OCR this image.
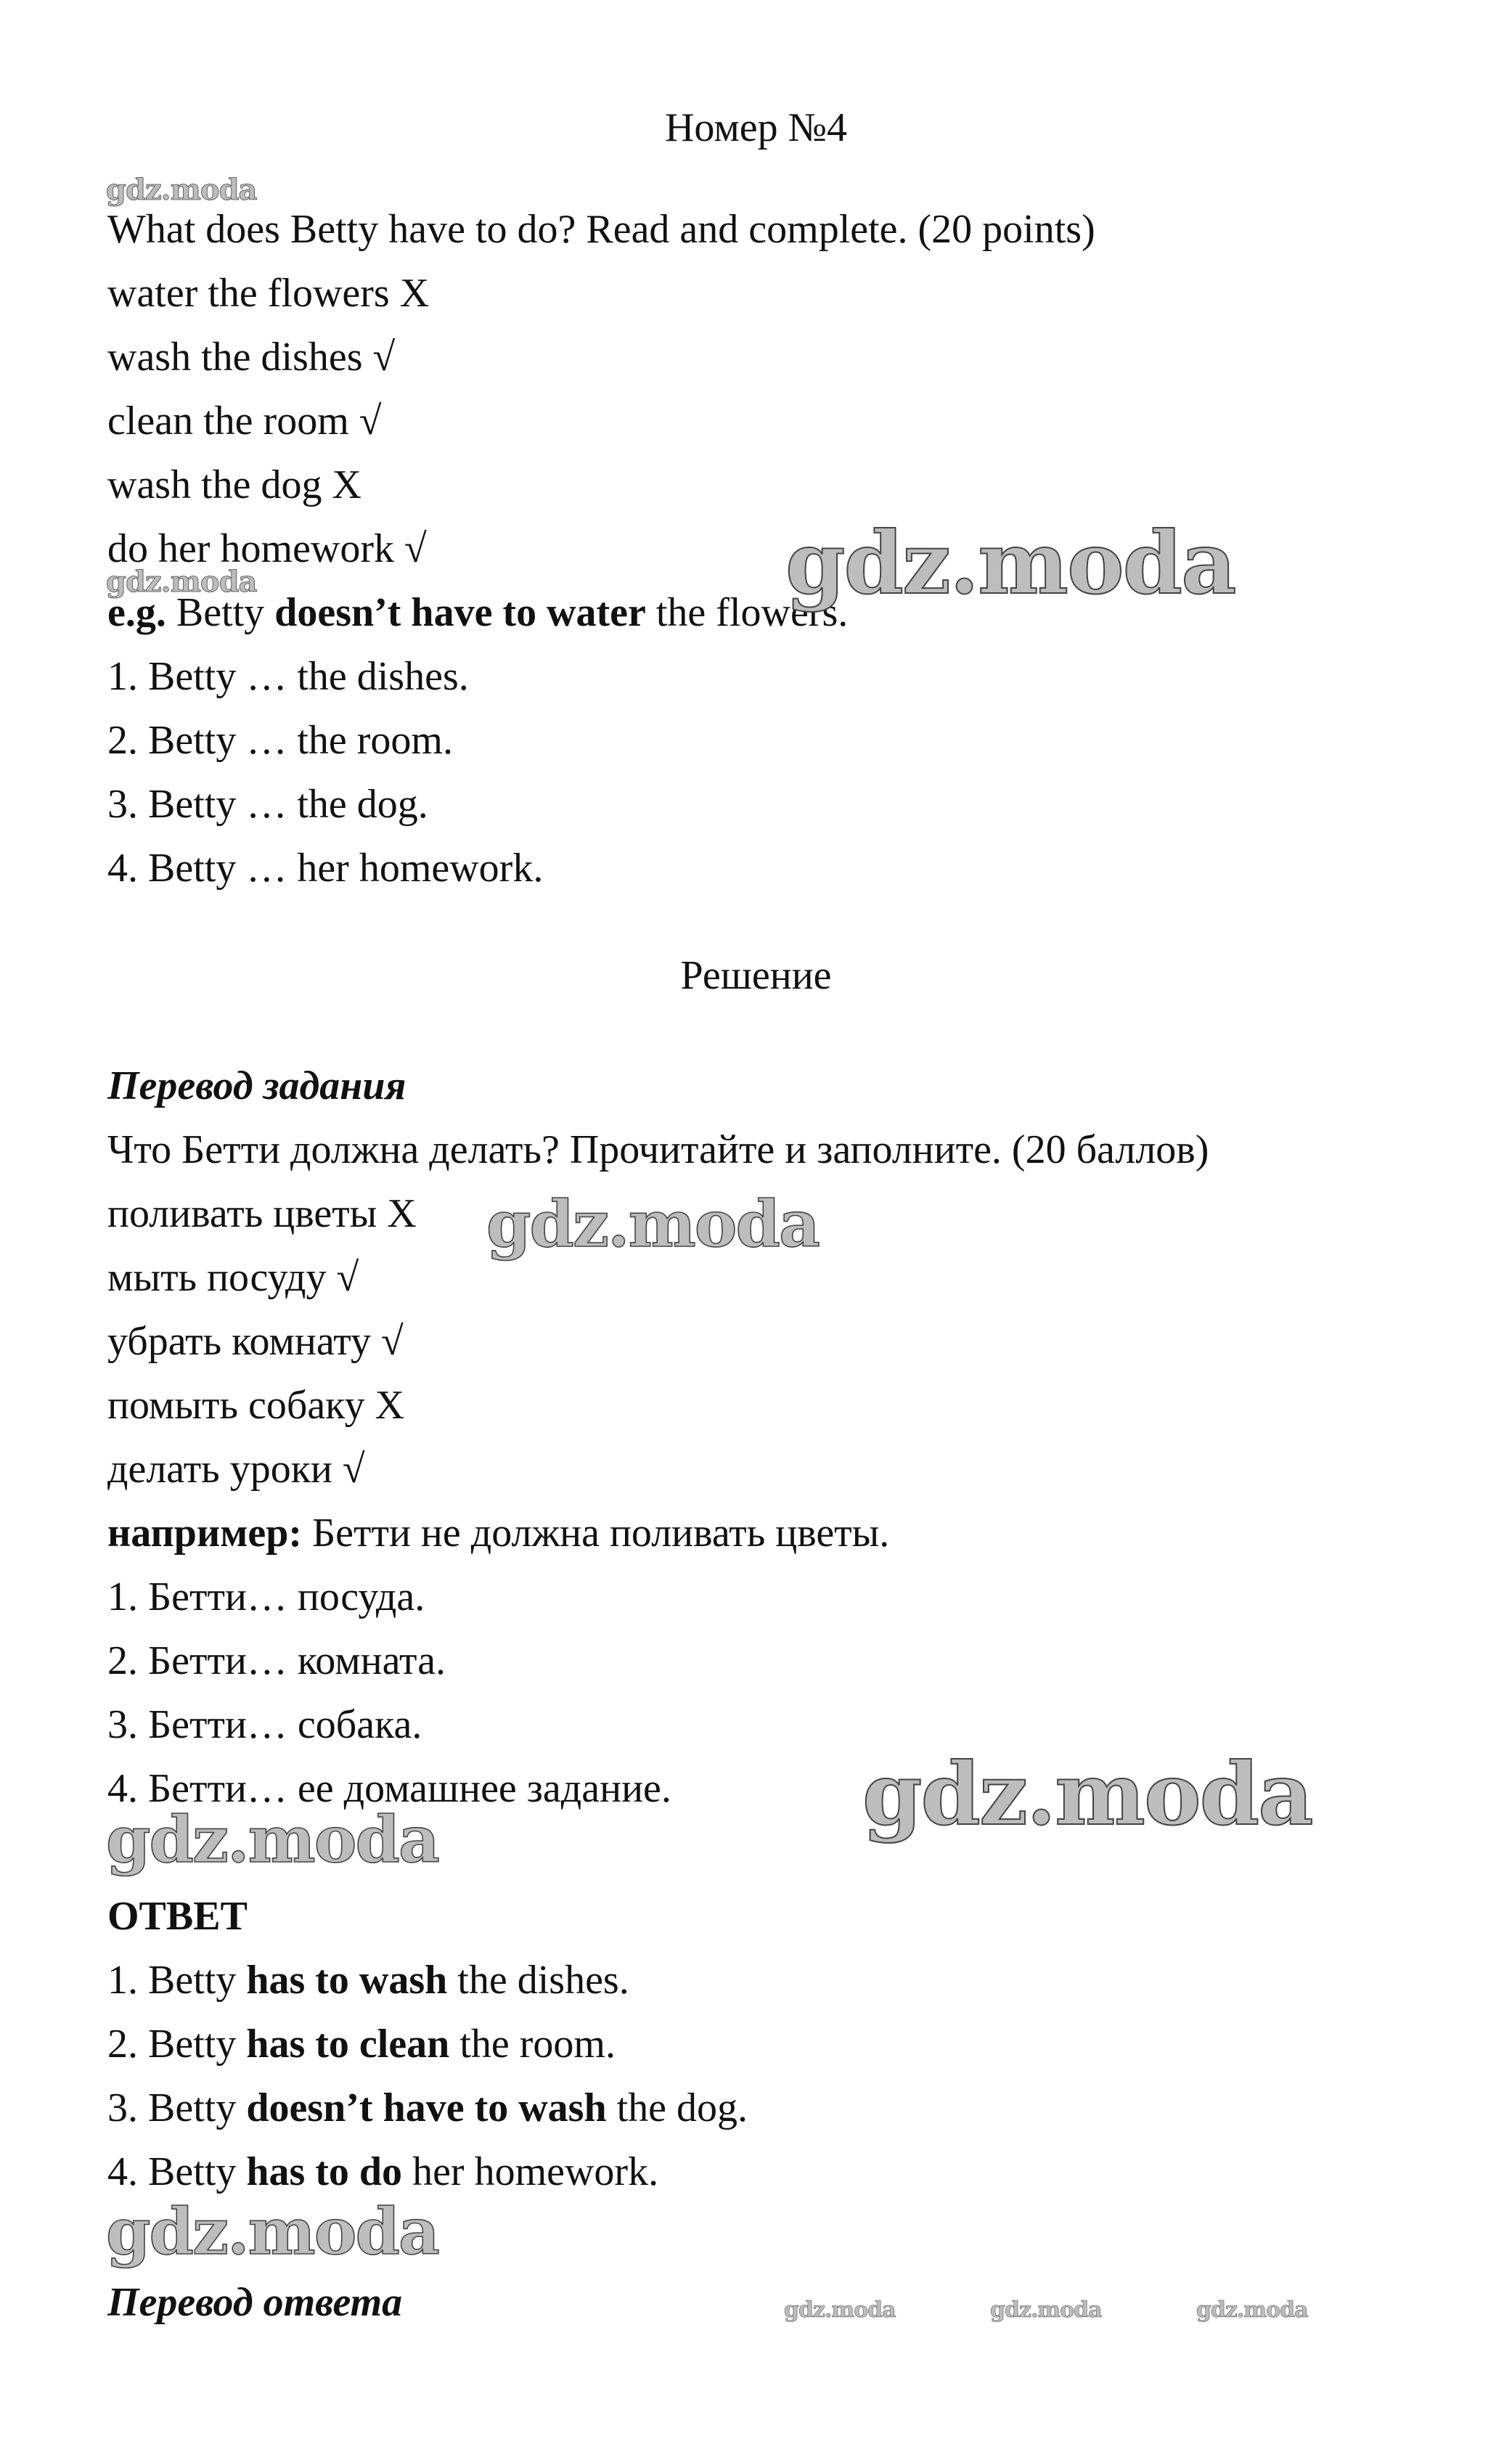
Номер №4
What does Betty have to do? Read and complete. (20 points)
water the flowers X
wash the dishes √
clean the room √
wash the dog X
do her homework √
e.g. Betty doesn’t have to water the flowers.
1. Betty … the dishes.
2. Betty … the room.
3. Betty … the dog.
4. Betty … her homework.
Решение
Перевод задания
Что Бетти должна делать? Прочитайте и заполните. (20 баллов)
поливать цветы X
мыть посуду √
убрать комнату √
помыть собаку X
делать уроки √
например: Бетти не должна поливать цветы.
1. Бетти… посуда.
2. Бетти… комната.
3. Бетти… собака.
4. Бетти… ее домашнее задание.
ОТВЕТ
1. Betty has to wash the dishes.
2. Betty has to clean the room.
3. Betty doesn’t have to wash the dog.
4. Betty has to do her homework.
Перевод ответа
gdz.moda
gdz.moda
gdz.moda
gdz.moda
gdz.moda
gdz.moda
gdz.moda
gdz.moda	gdz.moda	gdz.moda
